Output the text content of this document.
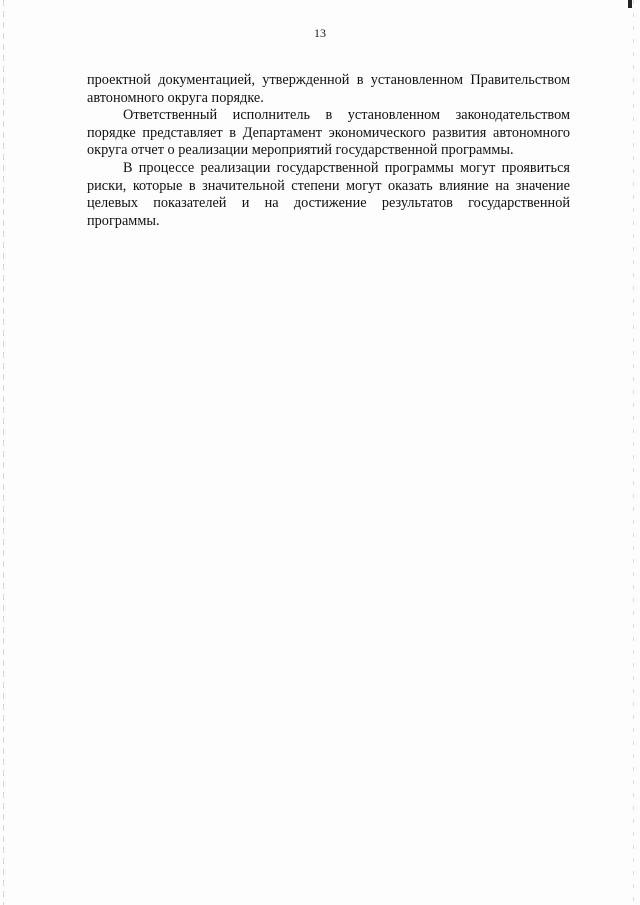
13

проектной документацией, утвержденной в установленном Правительством автономного округа порядке.

Ответственный исполнитель в установленном законодательством порядке представляет в Департамент экономического развития автономного округа отчет о реализации мероприятий государственной программы.

В процессе реализации государственной программы могут проявиться риски, которые в значительной степени могут оказать влияние на значение целевых показателей и на достижение результатов государственной программы.
